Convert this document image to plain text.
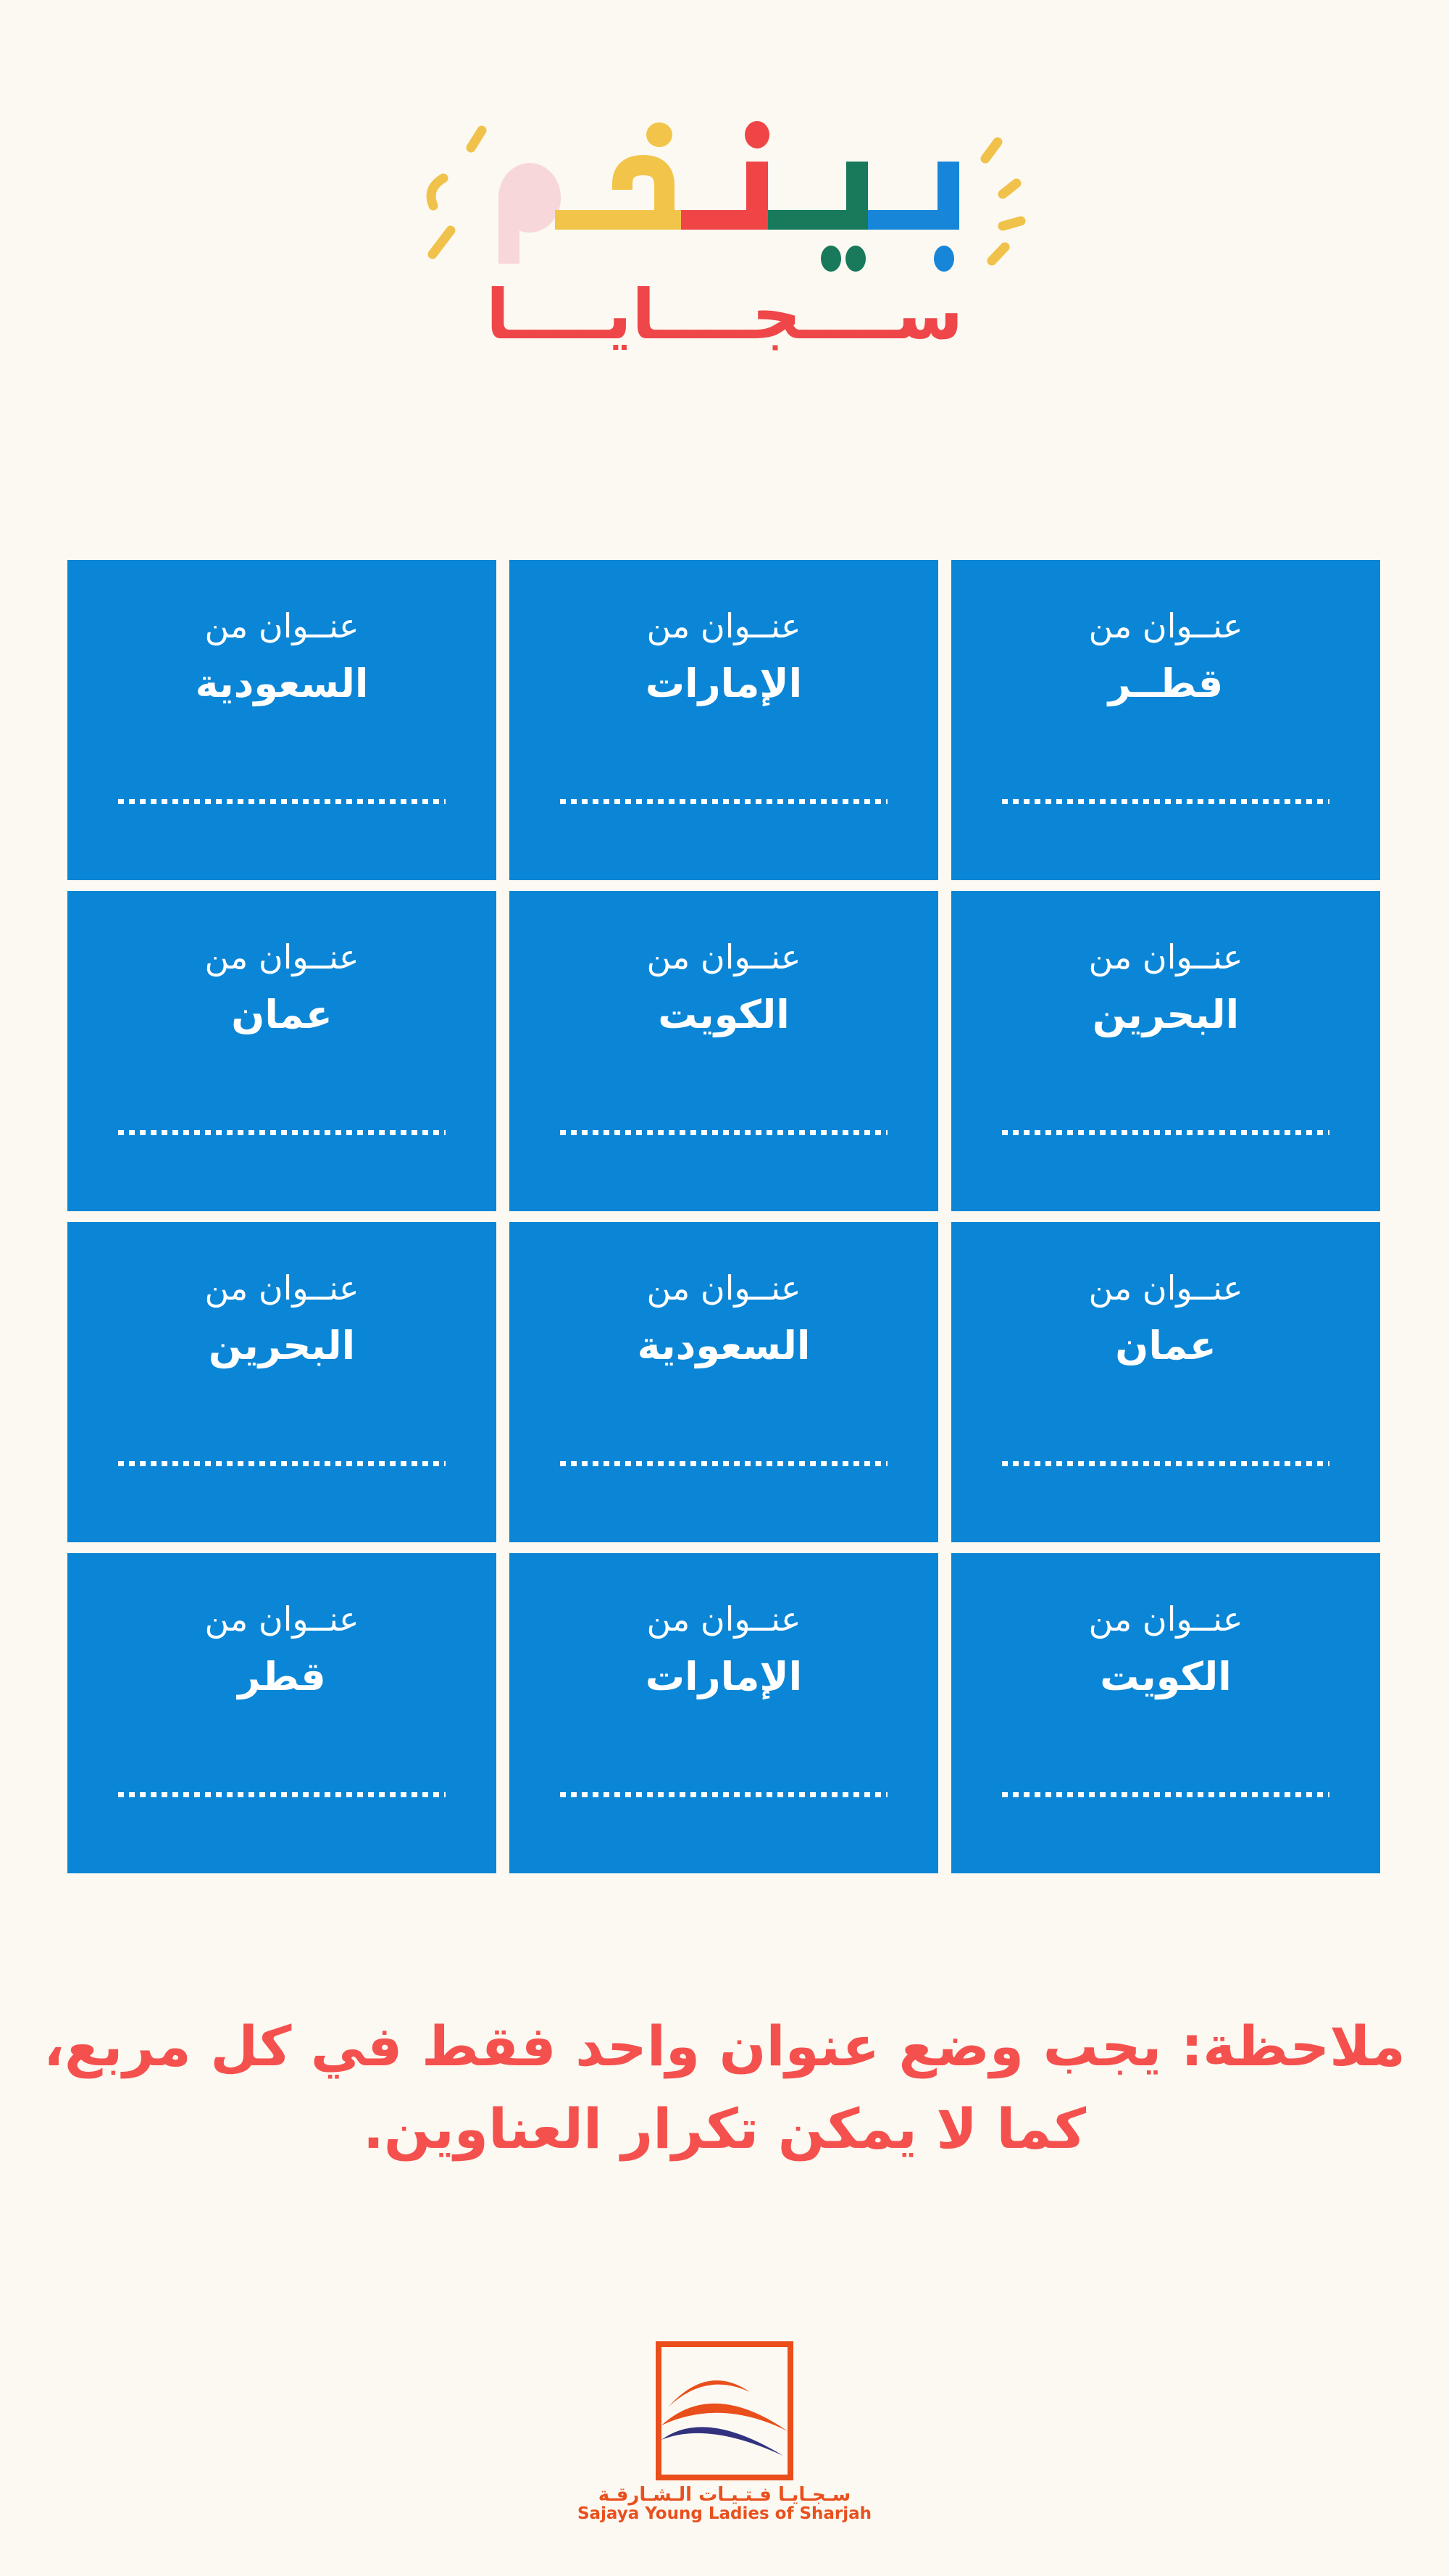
ســــجــــايــــا
عنــوان من
السعودية
عنــوان من
الإمارات
عنــوان من
قطــر
عنــوان من
عمان
عنــوان من
الكويت
عنــوان من
البحرين
عنــوان من
البحرين
عنــوان من
السعودية
عنــوان من
عمان
عنــوان من
قطر
عنــوان من
الإمارات
عنــوان من
الكويت
ملاحظة: يجب وضع عنوان واحد فقط في كل مربع،
كما لا يمكن تكرار العناوين.
سـجـايـا فـتـيـات الـشـارقـة
Sajaya Young Ladies of Sharjah
